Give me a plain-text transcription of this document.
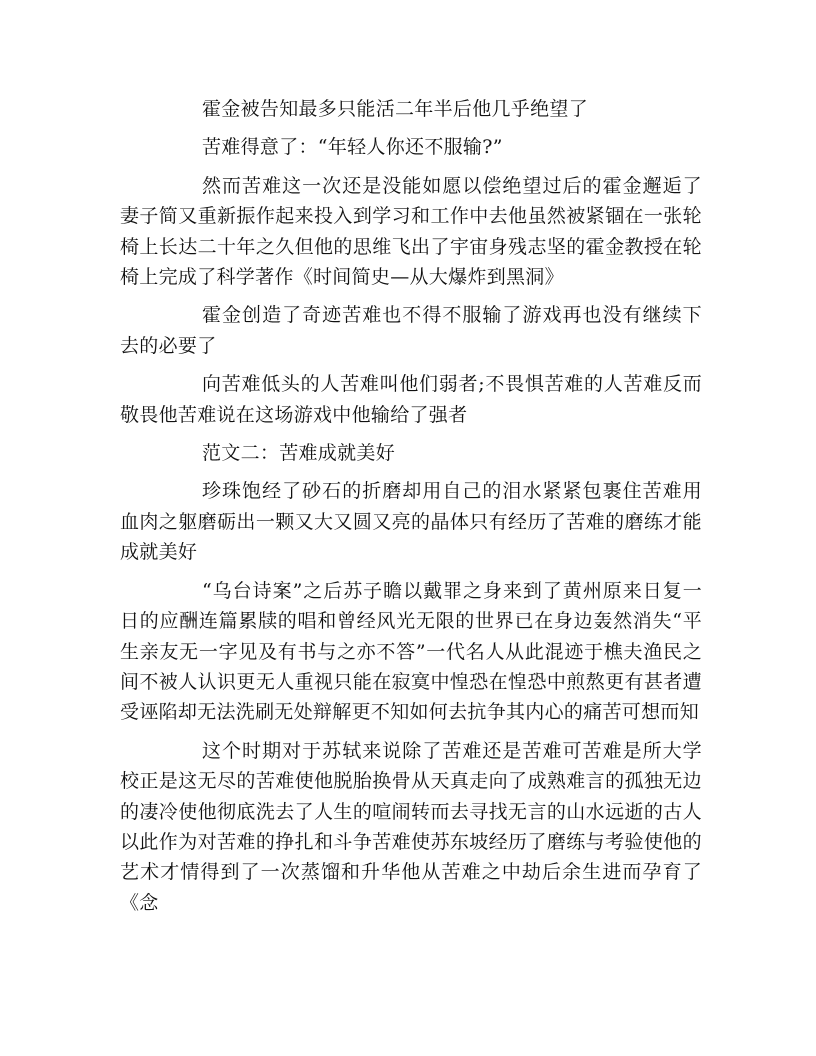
霍金被告知最多只能活二年半后他几乎绝望了

苦难得意了：“年轻人你还不服输?”

然而苦难这一次还是没能如愿以偿绝望过后的霍金邂逅了妻子简又重新振作起来投入到学习和工作中去他虽然被紧锢在一张轮椅上长达二十年之久但他的思维飞出了宇宙身残志坚的霍金教授在轮椅上完成了科学著作《时间简史—从大爆炸到黑洞》

霍金创造了奇迹苦难也不得不服输了游戏再也没有继续下去的必要了

向苦难低头的人苦难叫他们弱者;不畏惧苦难的人苦难反而敬畏他苦难说在这场游戏中他输给了强者

范文二：苦难成就美好

珍珠饱经了砂石的折磨却用自己的泪水紧紧包裹住苦难用血肉之躯磨砺出一颗又大又圆又亮的晶体只有经历了苦难的磨练才能成就美好

“乌台诗案”之后苏子瞻以戴罪之身来到了黄州原来日复一日的应酬连篇累牍的唱和曾经风光无限的世界已在身边轰然消失“平生亲友无一字见及有书与之亦不答”一代名人从此混迹于樵夫渔民之间不被人认识更无人重视只能在寂寞中惶恐在惶恐中煎熬更有甚者遭受诬陷却无法洗刷无处辩解更不知如何去抗争其内心的痛苦可想而知

这个时期对于苏轼来说除了苦难还是苦难可苦难是所大学校正是这无尽的苦难使他脱胎换骨从天真走向了成熟难言的孤独无边的凄冷使他彻底洗去了人生的喧闹转而去寻找无言的山水远逝的古人以此作为对苦难的挣扎和斗争苦难使苏东坡经历了磨练与考验使他的艺术才情得到了一次蒸馏和升华他从苦难之中劫后余生进而孕育了《念
